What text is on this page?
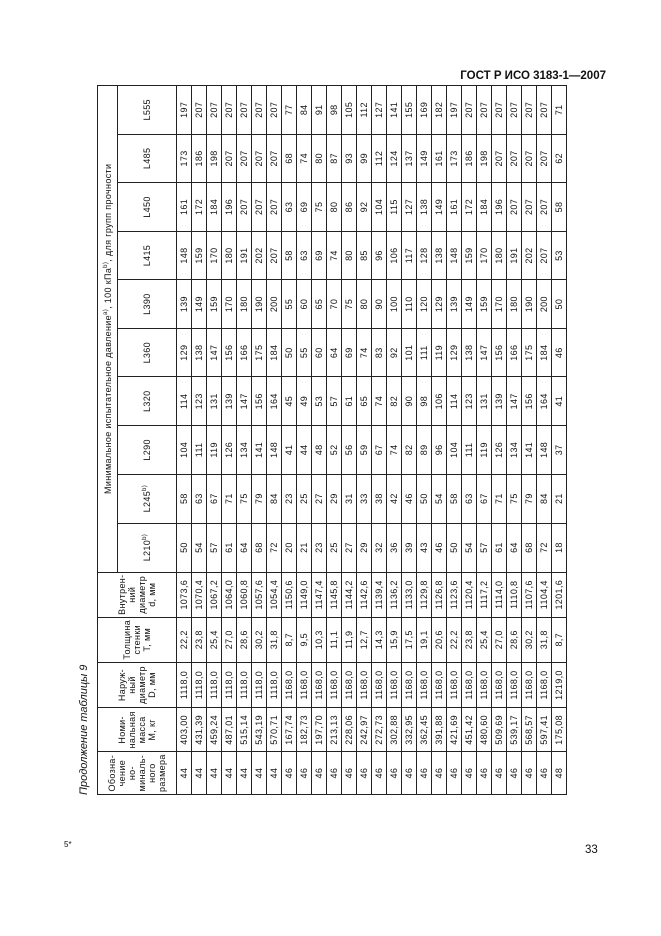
ГОСТ Р ИСО 3183-1—2007
5*	33
Продолжение таблицы 9 Обозна-чение но-миналь-ного размера	Номи-нальная масса M, кг	Наруж-ный диаметр D, мм	Толщина стенки T, мм	Внутрен-ний диаметр d, мм	Минимальное испытательное давление$^{a)}$, 100 кПа$^{b)}$, для групп прочности									
					L210$^{b)}$	L245$^{b)}$	L290	L320	L360	L390	L415	L450	L485	L555
44	403,00	1118,0	22,2	1073,6	50	58	104	114	129	139	148	161	173	197
44	431,39	1118,0	23,8	1070,4	54	63	111	123	138	149	159	172	186	207
44	459,24	1118,0	25,4	1067,2	57	67	119	131	147	159	170	184	198	207
44	487,01	1118,0	27,0	1064,0	61	71	126	139	156	170	180	196	207	207
44	515,14	1118,0	28,6	1060,8	64	75	134	147	166	180	191	207	207	207
44	543,19	1118,0	30,2	1057,6	68	79	141	156	175	190	202	207	207	207
44	570,71	1118,0	31,8	1054,4	72	84	148	164	184	200	207	207	207	207
46	167,74	1168,0	8,7	1150,6	20	23	41	45	50	55	58	63	68	77
46	182,73	1168,0	9,5	1149,0	21	25	44	49	55	60	63	69	74	84
46	197,70	1168,0	10,3	1147,4	23	27	48	53	60	65	69	75	80	91
46	213,13	1168,0	11,1	1145,8	25	29	52	57	64	70	74	80	87	98
46	228,06	1168,0	11,9	1144,2	27	31	56	61	69	75	80	86	93	105
46	242,97	1168,0	12,7	1142,6	29	33	59	65	74	80	85	92	99	112
46	272,73	1168,0	14,3	1139,4	32	38	67	74	83	90	96	104	112	127
46	302,88	1168,0	15,9	1136,2	36	42	74	82	92	100	106	115	124	141
46	332,95	1168,0	17,5	1133,0	39	46	82	90	101	110	117	127	137	155
46	362,45	1168,0	19,1	1129,8	43	50	89	98	111	120	128	138	149	169
46	391,88	1168,0	20,6	1126,8	46	54	96	106	119	129	138	149	161	182
46	421,69	1168,0	22,2	1123,6	50	58	104	114	129	139	148	161	173	197
46	451,42	1168,0	23,8	1120,4	54	63	111	123	138	149	159	172	186	207
46	480,60	1168,0	25,4	1117,2	57	67	119	131	147	159	170	184	198	207
46	509,69	1168,0	27,0	1114,0	61	71	126	139	156	170	180	196	207	207
46	539,17	1168,0	28,6	1110,8	64	75	134	147	166	180	191	207	207	207
46	568,57	1168,0	30,2	1107,6	68	79	141	156	175	190	202	207	207	207
46	597,41	1168,0	31,8	1104,4	72	84	148	164	184	200	207	207	207	207
48	175,08	1219,0	8,7	1201,6	18	21	37	41	46	50	53	58	62	71
